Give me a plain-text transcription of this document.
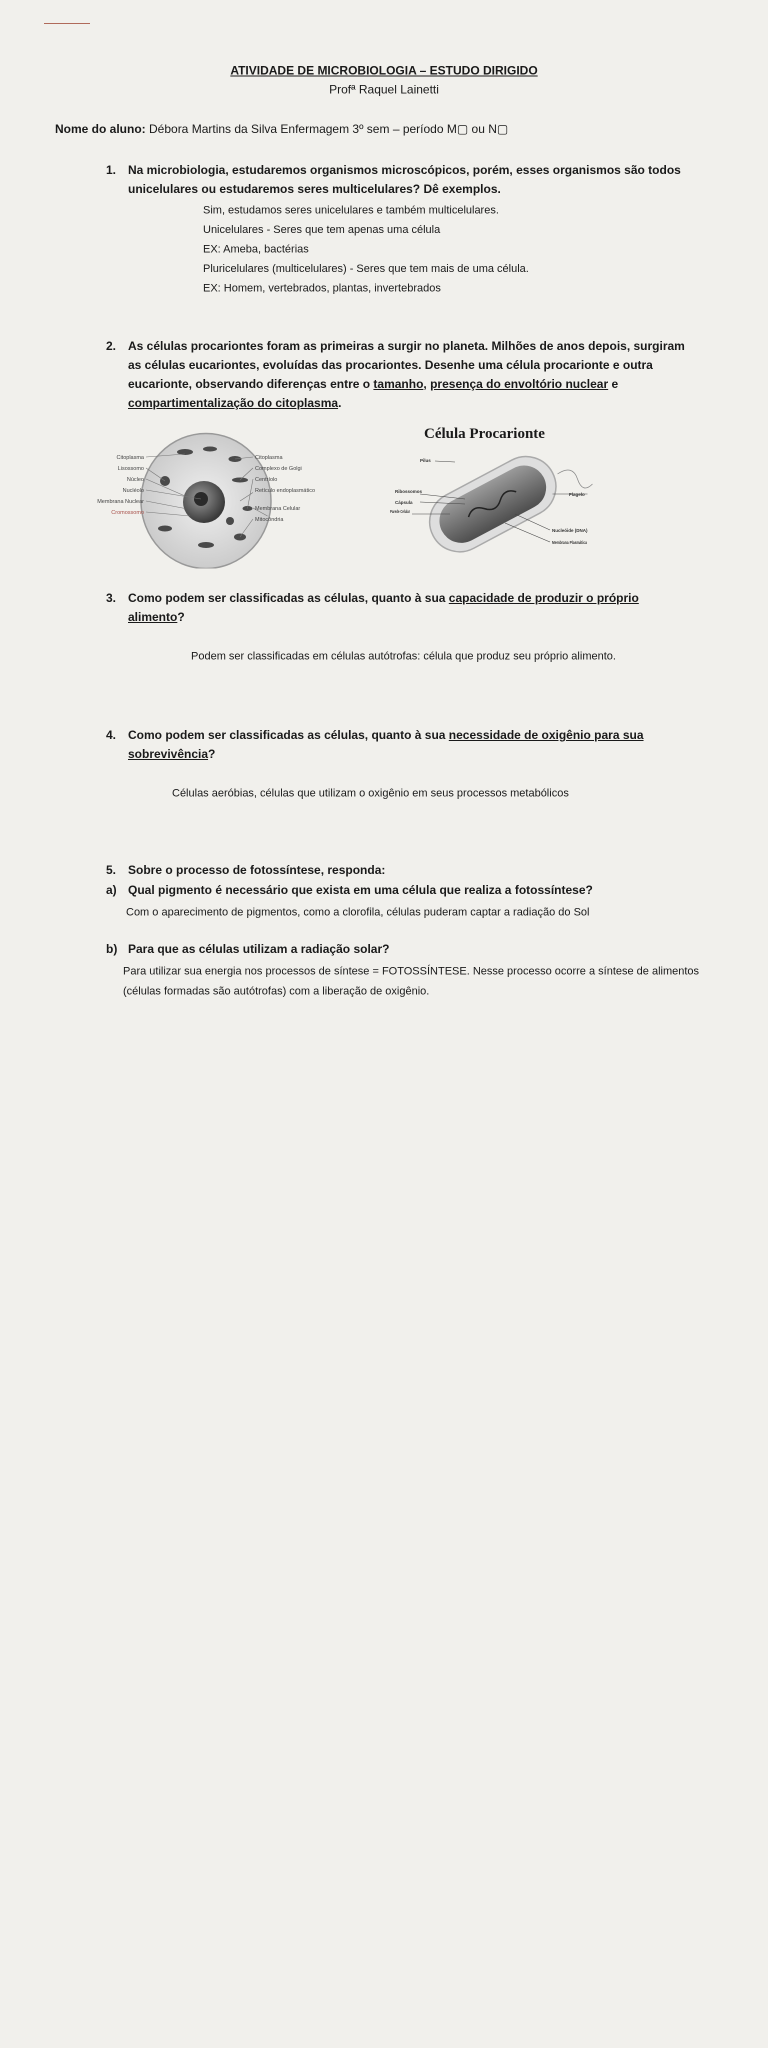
ATIVIDADE DE MICROBIOLOGIA – ESTUDO DIRIGIDO
Profª Raquel Lainetti
Nome do aluno: Débora Martins da Silva Enfermagem 3º sem – período M▢ ou N▢
1. Na microbiologia, estudaremos organismos microscópicos, porém, esses organismos são todos unicelulares ou estudaremos seres multicelulares? Dê exemplos.
Sim, estudamos seres unicelulares e também multicelulares.
Unicelulares - Seres que tem apenas uma célula
EX: Ameba, bactérias
Pluricelulares (multicelulares) - Seres que tem mais de uma célula.
EX: Homem, vertebrados, plantas, invertebrados
2. As células procariontes foram as primeiras a surgir no planeta. Milhões de anos depois, surgiram as células eucariontes, evoluídas das procariontes. Desenhe uma célula procarionte e outra eucarionte, observando diferenças entre o tamanho, presença do envoltório nuclear e compartimentalização do citoplasma.
Citoplasma
Lisossomo
Núcleo
Nucléolo
Membrana Nuclear
Cromossomo
Citoplasma
Complexo de Golgi
Centríolo
Retículo endoplasmático
Membrana Celular
Mitocôndria
Célula Procarionte
Pilus
Ribossomos
Cápsula
Parede Celular
Flagelo
Nucleóide (DNA)
Membrana Plasmática
3. Como podem ser classificadas as células, quanto à sua capacidade de produzir o próprio alimento?
Podem ser classificadas em células autótrofas: célula que produz seu próprio alimento.
4. Como podem ser classificadas as células, quanto à sua necessidade de oxigênio para sua sobrevivência?
Células aeróbias, células que utilizam o oxigênio em seus processos metabólicos
5. Sobre o processo de fotossíntese, responda:
a) Qual pigmento é necessário que exista em uma célula que realiza a fotossíntese?
Com o aparecimento de pigmentos, como a clorofila, células puderam captar a radiação do Sol
b) Para que as células utilizam a radiação solar?
Para utilizar sua energia nos processos de síntese = FOTOSSÍNTESE. Nesse processo ocorre a síntese de alimentos (células formadas são autótrofas) com a liberação de oxigênio.
